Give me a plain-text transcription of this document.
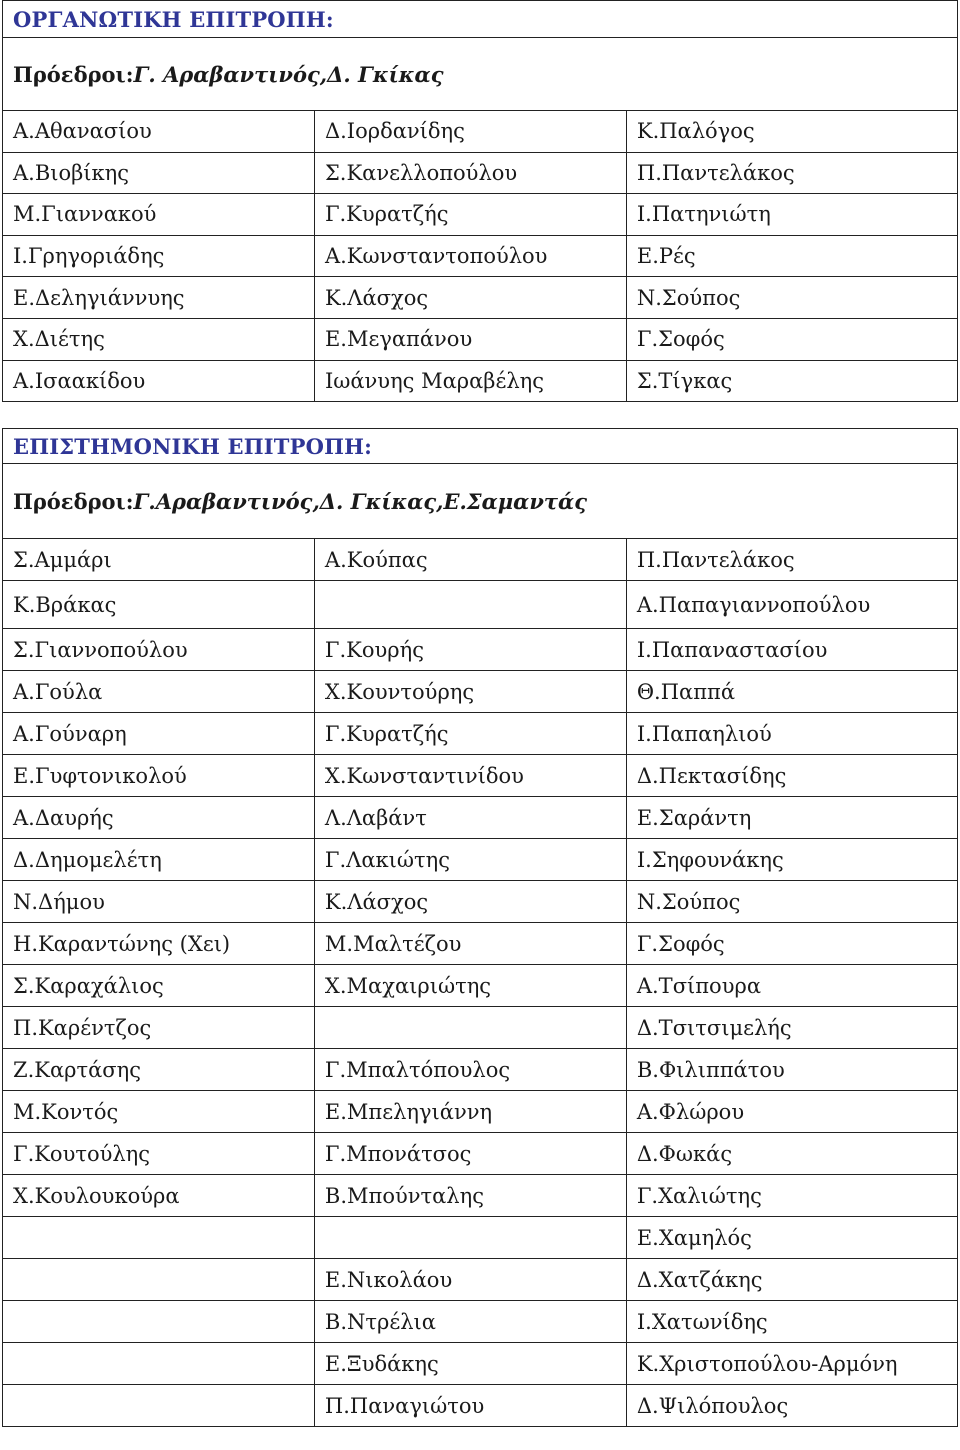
ΟΡΓΑΝΩΤΙΚΗ ΕΠΙΤΡΟΠΗ:		
Πρόεδροι:Γ. Αραβαντινός,Δ. Γκίκας		
Α.Αθανασίου	Δ.Ιορδανίδης	Κ.Παλόγος
Α.Βιοβίκης	Σ.Κανελλοπούλου	Π.Παντελάκος
Μ.Γιαννακού	Γ.Κυρατζής	Ι.Πατηνιώτη
Ι.Γρηγοριάδης	Α.Κωνσταντοπούλου	Ε.Ρές
Ε.Δεληγιάννυης	Κ.Λάσχος	Ν.Σούπος
Χ.Διέτης	Ε.Μεγαπάνου	Γ.Σοφός
Α.Ισαακίδου	Ιωάνυης Μαραβέλης	Σ.Τίγκας
ΕΠΙΣΤΗΜΟΝΙΚΗ ΕΠΙΤΡΟΠΗ:		
Πρόεδροι:Γ.Αραβαντινός,Δ. Γκίκας,Ε.Σαμαντάς		
Σ.Αμμάρι	Α.Κούπας	Π.Παντελάκος
Κ.Βράκας		Α.Παπαγιαννοπούλου
Σ.Γιαννοπούλου	Γ.Κουρής	Ι.Παπαναστασίου
Α.Γούλα	Χ.Κουντούρης	Θ.Παππά
Α.Γούναρη	Γ.Κυρατζής	Ι.Παπαηλιού
Ε.Γυφτονικολού	Χ.Κωνσταντινίδου	Δ.Πεκτασίδης
Α.Δαυρής	Λ.Λαβάντ	Ε.Σαράντη
Δ.Δημομελέτη	Γ.Λακιώτης	Ι.Σηφουνάκης
Ν.Δήμου	Κ.Λάσχος	Ν.Σούπος
Η.Καραντώνης (Χει)	Μ.Μαλτέζου	Γ.Σοφός
Σ.Καραχάλιος	Χ.Μαχαιριώτης	Α.Τσίπουρα
Π.Καρέντζος		Δ.Τσιτσιμελής
Ζ.Καρτάσης	Γ.Μπαλτόπουλος	Β.Φιλιππάτου
Μ.Κοντός	Ε.Μπεληγιάννη	Α.Φλώρου
Γ.Κουτούλης	Γ.Μπονάτσος	Δ.Φωκάς
Χ.Κουλουκούρα	Β.Μπούνταλης	Γ.Χαλιώτης
		Ε.Χαμηλός
	Ε.Νικολάου	Δ.Χατζάκης
	Β.Ντρέλια	Ι.Χατωνίδης
	Ε.Ξυδάκης	Κ.Χριστοπούλου-Αρμόνη
	Π.Παναγιώτου	Δ.Ψιλόπουλος
